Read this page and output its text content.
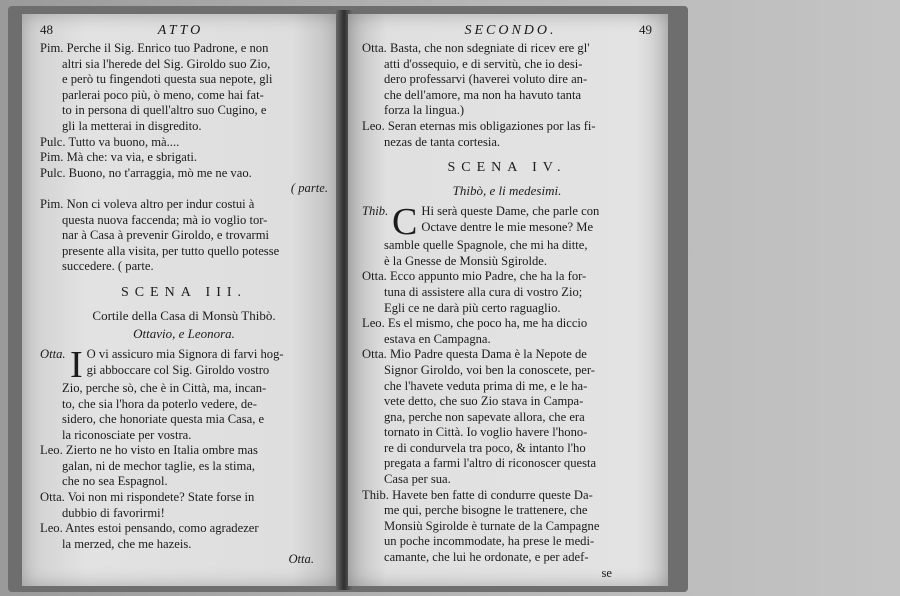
48	ATTO
Pim. Perche il Sig. Enrico tuo Padrone, e non
altri sia l'herede del Sig. Giroldo suo Zio,
e però tu fingendoti questa sua nepote, gli
parlerai poco più, ò meno, come hai fat-
to in persona di quell'altro suo Cugino, e
gli la metterai in disgredito.
Pulc. Tutto va buono, mà....
Pim. Mà che: va via, e sbrigati.
Pulc. Buono, no t'arraggia, mò me ne vao.
( parte.
Pim. Non ci voleva altro per indur costui à
questa nuova faccenda; mà io voglio tor-
nar à Casa à prevenir Giroldo, e trovarmi
presente alla visita, per tutto quello potesse
succedere. ( parte.
SCENA III.
Cortile della Casa di Monsù Thibò.
Ottavio, e Leonora.
Otta. I O vi assicuro mia Signora di farvi hog-
gi abboccare col Sig. Giroldo vostro
Zio, perche sò, che è in Città, ma, incan-
to, che sia l'hora da poterlo vedere, de-
sidero, che honoriate questa mia Casa, e
la riconosciate per vostra.
Leo. Zierto ne ho visto en Italia ombre mas
galan, ni de mechor taglie, es la stima,
che no sea Espagnol.
Otta. Voi non mi rispondete? State forse in
dubbio di favorirmi!
Leo. Antes estoi pensando, como agradezer
la merzed, che me hazeis.
Otta.
SECONDO.	49
Otta. Basta, che non sdegniate di ricev ere gl'
atti d'ossequio, e di servitù, che io desi-
dero professarvi (haverei voluto dire an-
che dell'amore, ma non ha havuto tanta
forza la lingua.)
Leo. Seran eternas mis obligaziones por las fi-
nezas de tanta cortesia.
SCENA IV.
Thibò, e li medesimi.
Thib. C Hi serà queste Dame, che parle con
Octave dentre le mie mesone? Me
samble quelle Spagnole, che mi ha ditte,
è la Gnesse de Monsiù Sgirolde.
Otta. Ecco appunto mio Padre, che ha la for-
tuna di assistere alla cura di vostro Zio;
Egli ce ne darà più certo raguaglio.
Leo. Es el mismo, che poco ha, me ha diccio
estava en Campagna.
Otta. Mio Padre questa Dama è la Nepote de
Signor Giroldo, voi ben la conoscete, per-
che l'havete veduta prima di me, e le ha-
vete detto, che suo Zio stava in Campa-
gna, perche non sapevate allora, che era
tornato in Città. Io voglio havere l'hono-
re di condurvela tra poco, & intanto l'ho
pregata a farmi l'altro di riconoscer questa
Casa per sua.
Thib. Havete ben fatte di condurre queste Da-
me qui, perche bisogne le trattenere, che
Monsiù Sgirolde è turnate de la Campagne
un poche incommodate, ha prese le medi-
camante, che lui he ordonate, e per adef-
se
